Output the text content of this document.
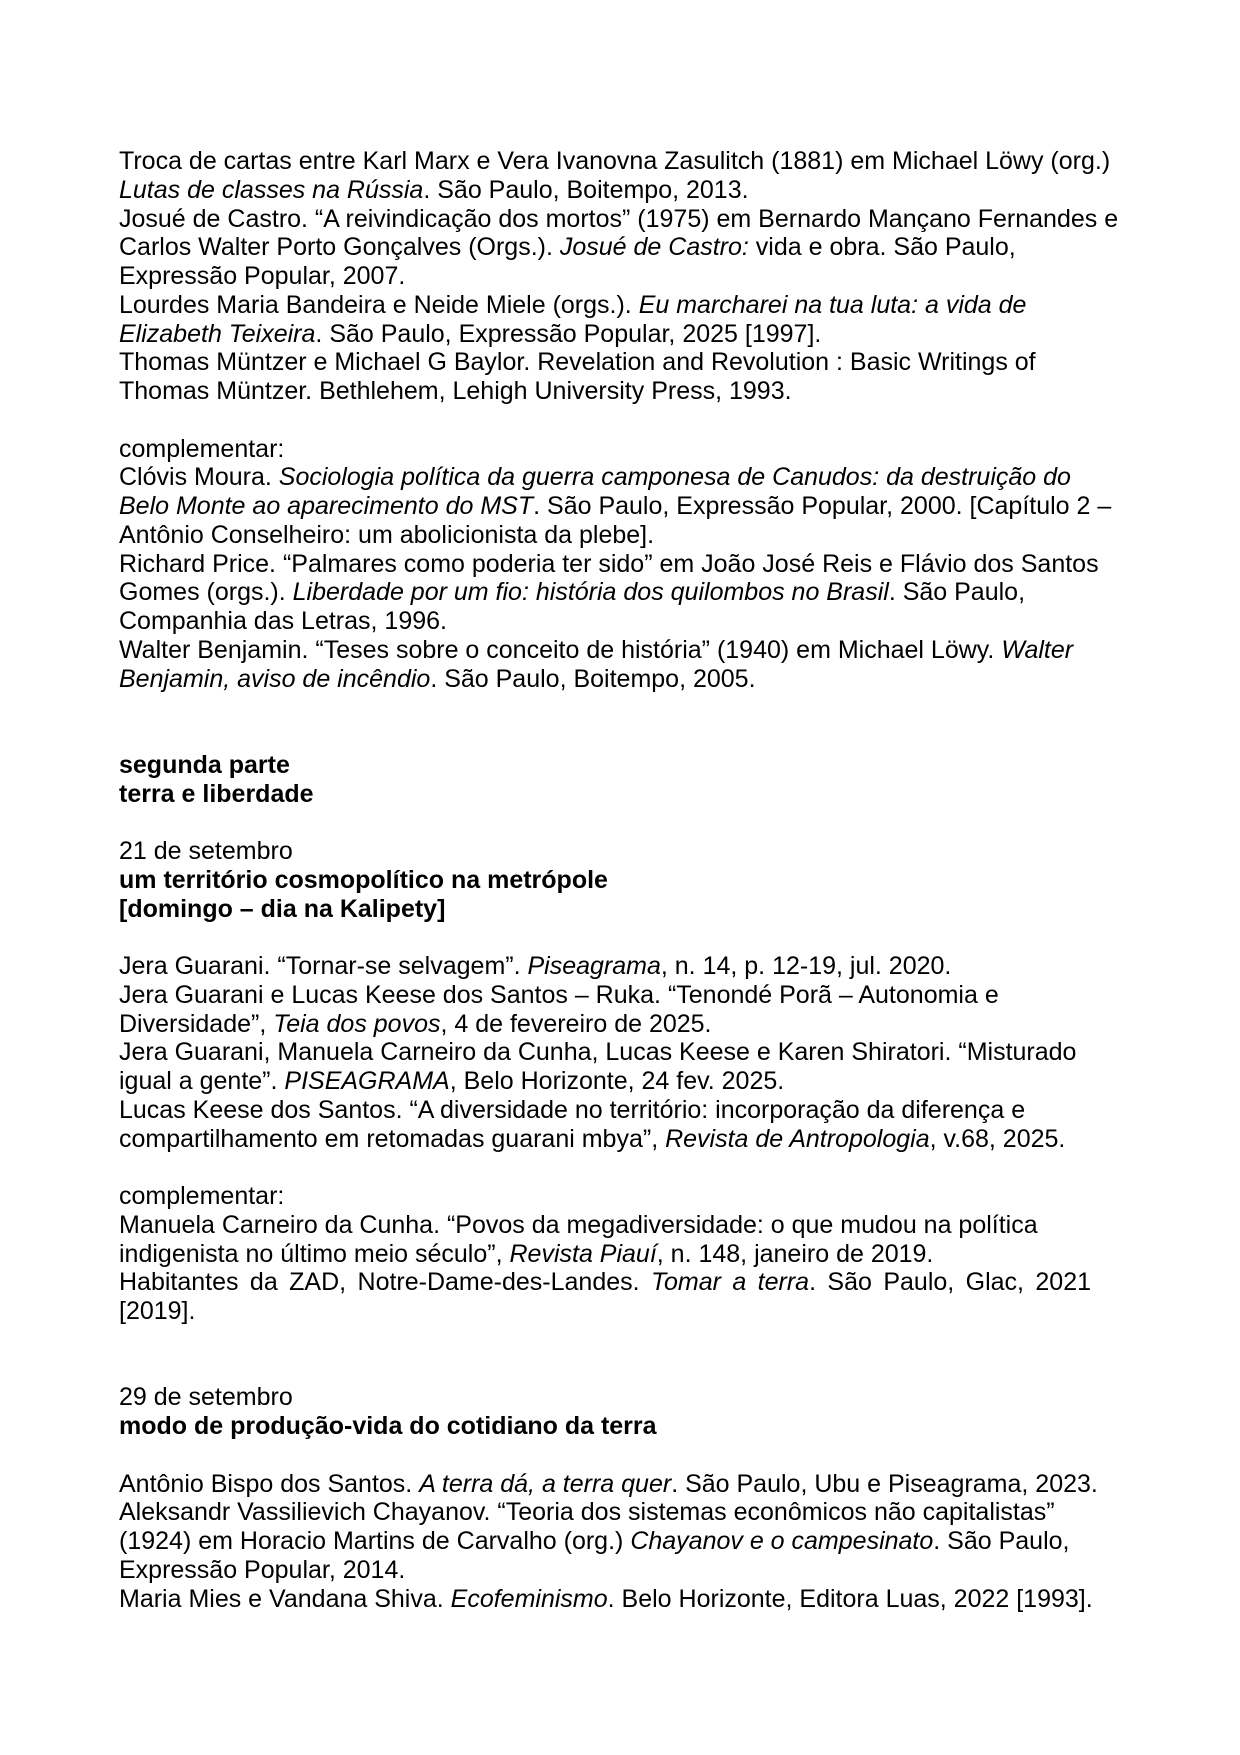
Troca de cartas entre Karl Marx e Vera Ivanovna Zasulitch (1881) em Michael Löwy (org.)
Lutas de classes na Rússia. São Paulo, Boitempo, 2013.
Josué de Castro. “A reivindicação dos mortos” (1975) em Bernardo Mançano Fernandes e
Carlos Walter Porto Gonçalves (Orgs.). Josué de Castro: vida e obra. São Paulo,
Expressão Popular, 2007.
Lourdes Maria Bandeira e Neide Miele (orgs.). Eu marcharei na tua luta: a vida de
Elizabeth Teixeira. São Paulo, Expressão Popular, 2025 [1997].
Thomas Müntzer e Michael G Baylor. Revelation and Revolution : Basic Writings of
Thomas Müntzer. Bethlehem, Lehigh University Press, 1993.
complementar:
Clóvis Moura. Sociologia política da guerra camponesa de Canudos: da destruição do
Belo Monte ao aparecimento do MST. São Paulo, Expressão Popular, 2000. [Capítulo 2 –
Antônio Conselheiro: um abolicionista da plebe].
Richard Price. “Palmares como poderia ter sido” em João José Reis e Flávio dos Santos
Gomes (orgs.). Liberdade por um fio: história dos quilombos no Brasil. São Paulo,
Companhia das Letras, 1996.
Walter Benjamin. “Teses sobre o conceito de história” (1940) em Michael Löwy. Walter
Benjamin, aviso de incêndio. São Paulo, Boitempo, 2005.
segunda parte
terra e liberdade
21 de setembro
um território cosmopolítico na metrópole
[domingo – dia na Kalipety]
Jera Guarani. “Tornar-se selvagem”. Piseagrama, n. 14, p. 12-19, jul. 2020.
Jera Guarani e Lucas Keese dos Santos – Ruka. “Tenondé Porã – Autonomia e
Diversidade”, Teia dos povos, 4 de fevereiro de 2025.
Jera Guarani, Manuela Carneiro da Cunha, Lucas Keese e Karen Shiratori. “Misturado
igual a gente”. PISEAGRAMA, Belo Horizonte, 24 fev. 2025.
Lucas Keese dos Santos. “A diversidade no território: incorporação da diferença e
compartilhamento em retomadas guarani mbya”, Revista de Antropologia, v.68, 2025.
complementar:
Manuela Carneiro da Cunha. “Povos da megadiversidade: o que mudou na política
indigenista no último meio século”, Revista Piauí, n. 148, janeiro de 2019.
Habitantes da ZAD, Notre-Dame-des-Landes. Tomar a terra. São Paulo, Glac, 2021
[2019].
29 de setembro
modo de produção-vida do cotidiano da terra
Antônio Bispo dos Santos. A terra dá, a terra quer. São Paulo, Ubu e Piseagrama, 2023.
Aleksandr Vassilievich Chayanov. “Teoria dos sistemas econômicos não capitalistas”
(1924) em Horacio Martins de Carvalho (org.) Chayanov e o campesinato. São Paulo,
Expressão Popular, 2014.
Maria Mies e Vandana Shiva. Ecofeminismo. Belo Horizonte, Editora Luas, 2022 [1993].
